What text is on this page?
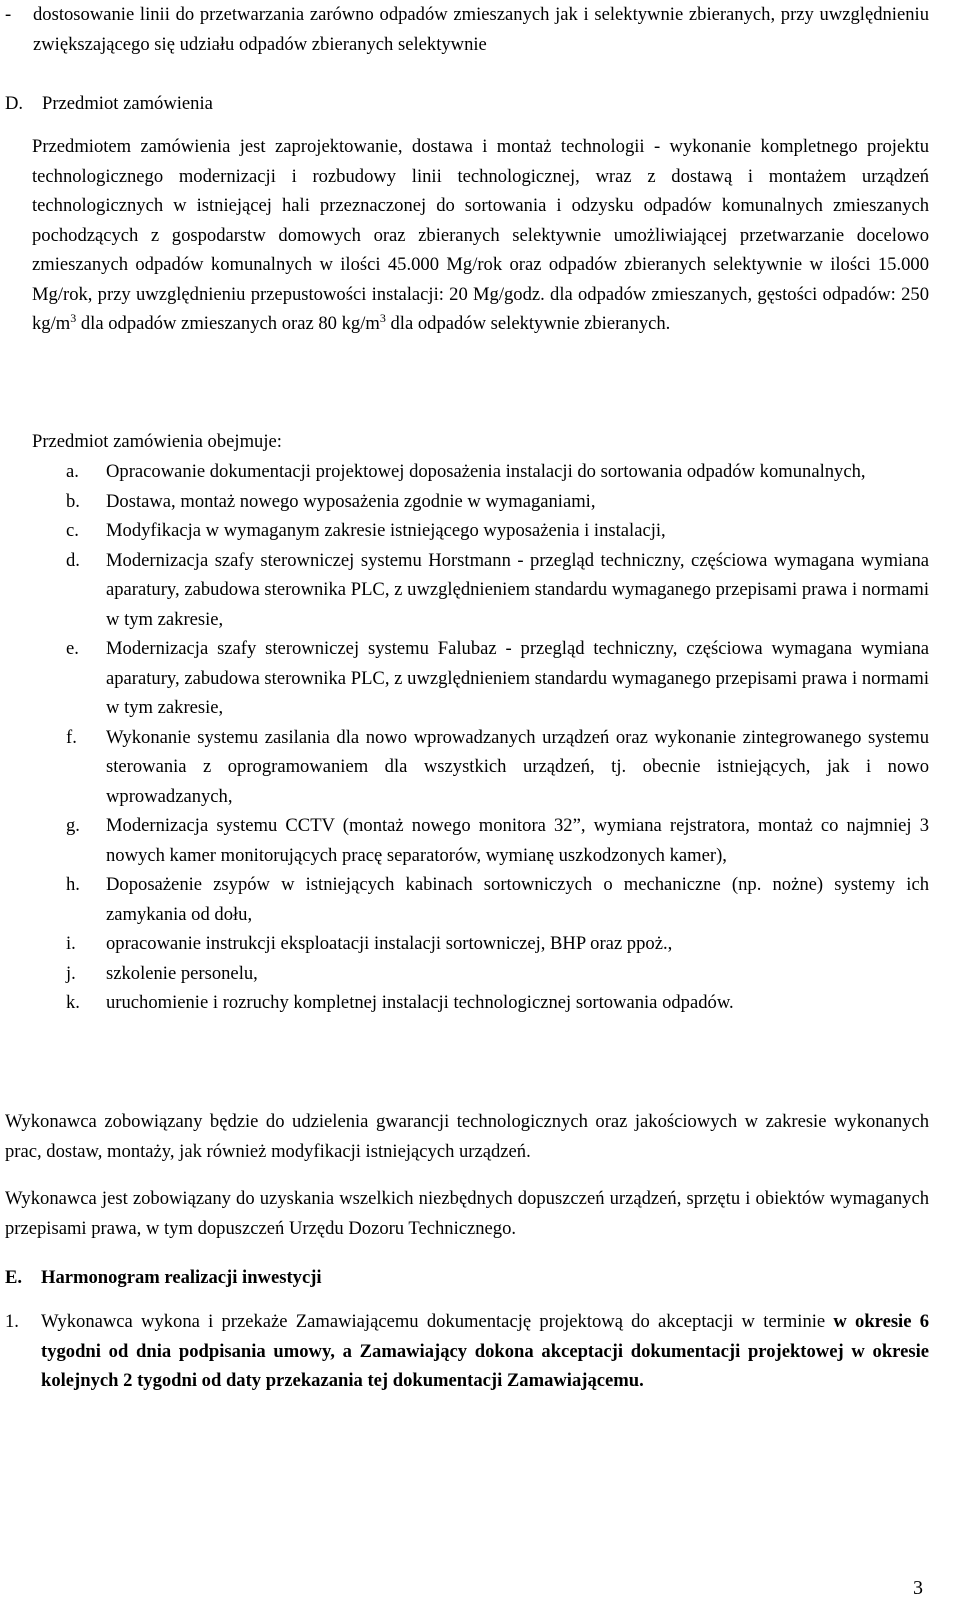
- dostosowanie linii do przetwarzania zarówno odpadów zmieszanych jak i selektywnie zbieranych, przy uwzględnieniu zwiększającego się udziału odpadów zbieranych selektywnie
D. Przedmiot zamówienia
Przedmiotem zamówienia jest zaprojektowanie, dostawa i montaż technologii - wykonanie kompletnego projektu technologicznego modernizacji i rozbudowy linii technologicznej, wraz z dostawą i montażem urządzeń technologicznych w istniejącej hali przeznaczonej do sortowania i odzysku odpadów komunalnych zmieszanych pochodzących z gospodarstw domowych oraz zbieranych selektywnie umożliwiającej przetwarzanie docelowo zmieszanych odpadów komunalnych w ilości 45.000 Mg/rok oraz odpadów zbieranych selektywnie w ilości 15.000 Mg/rok, przy uwzględnieniu przepustowości instalacji: 20 Mg/godz. dla odpadów zmieszanych, gęstości odpadów: 250 $kg/m^3$ dla odpadów zmieszanych oraz 80 $kg/m^3$ dla odpadów selektywnie zbieranych.
Przedmiot zamówienia obejmuje:
a. Opracowanie dokumentacji projektowej doposażenia instalacji do sortowania odpadów komunalnych,
b. Dostawa, montaż nowego wyposażenia zgodnie w wymaganiami,
c. Modyfikacja w wymaganym zakresie istniejącego wyposażenia i instalacji,
d. Modernizacja szafy sterowniczej systemu Horstmann - przegląd techniczny, częściowa wymagana wymiana aparatury, zabudowa sterownika PLC, z uwzględnieniem standardu wymaganego przepisami prawa i normami w tym zakresie,
e. Modernizacja szafy sterowniczej systemu Falubaz - przegląd techniczny, częściowa wymagana wymiana aparatury, zabudowa sterownika PLC, z uwzględnieniem standardu wymaganego przepisami prawa i normami w tym zakresie,
f. Wykonanie systemu zasilania dla nowo wprowadzanych urządzeń oraz wykonanie zintegrowanego systemu sterowania z oprogramowaniem dla wszystkich urządzeń, tj. obecnie istniejących, jak i nowo wprowadzanych,
g. Modernizacja systemu CCTV (montaż nowego monitora 32”, wymiana rejstratora, montaż co najmniej 3 nowych kamer monitorujących pracę separatorów, wymianę uszkodzonych kamer),
h. Doposażenie zsypów w istniejących kabinach sortowniczych o mechaniczne (np. nożne) systemy ich zamykania od dołu,
i. opracowanie instrukcji eksploatacji instalacji sortowniczej, BHP oraz ppoż.,
j. szkolenie personelu,
k. uruchomienie i rozruchy kompletnej instalacji technologicznej sortowania odpadów.
Wykonawca zobowiązany będzie do udzielenia gwarancji technologicznych oraz jakościowych w zakresie wykonanych prac, dostaw, montaży, jak również modyfikacji istniejących urządzeń.
Wykonawca jest zobowiązany do uzyskania wszelkich niezbędnych dopuszczeń urządzeń, sprzętu i obiektów wymaganych przepisami prawa, w tym dopuszczeń Urzędu Dozoru Technicznego.
E. Harmonogram realizacji inwestycji
1. Wykonawca wykona i przekaże Zamawiającemu dokumentację projektową do akceptacji w terminie w okresie 6 tygodni od dnia podpisania umowy, a Zamawiający dokona akceptacji dokumentacji projektowej w okresie kolejnych 2 tygodni od daty przekazania tej dokumentacji Zamawiającemu.
3
